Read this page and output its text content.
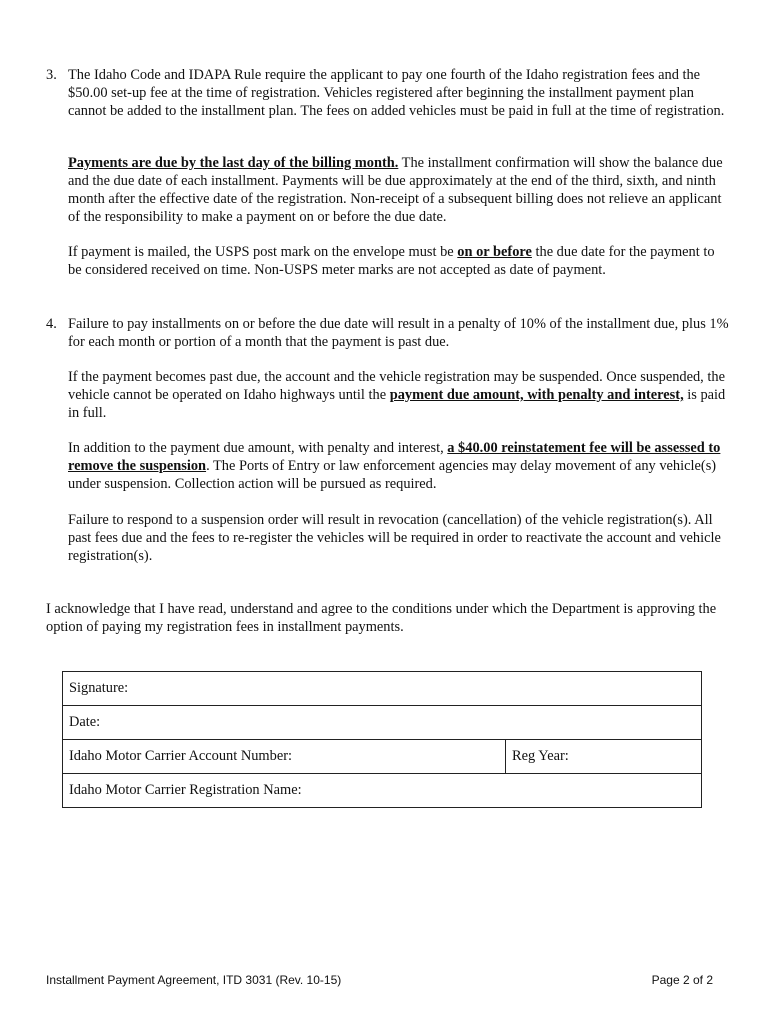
3. The Idaho Code and IDAPA Rule require the applicant to pay one fourth of the Idaho registration fees and the $50.00 set-up fee at the time of registration. Vehicles registered after beginning the installment payment plan cannot be added to the installment plan. The fees on added vehicles must be paid in full at the time of registration.

Payments are due by the last day of the billing month. The installment confirmation will show the balance due and the due date of each installment. Payments will be due approximately at the end of the third, sixth, and ninth month after the effective date of the registration. Non-receipt of a subsequent billing does not relieve an applicant of the responsibility to make a payment on or before the due date.

If payment is mailed, the USPS post mark on the envelope must be on or before the due date for the payment to be considered received on time. Non-USPS meter marks are not accepted as date of payment.

4. Failure to pay installments on or before the due date will result in a penalty of 10% of the installment due, plus 1% for each month or portion of a month that the payment is past due.

If the payment becomes past due, the account and the vehicle registration may be suspended. Once suspended, the vehicle cannot be operated on Idaho highways until the payment due amount, with penalty and interest, is paid in full.

In addition to the payment due amount, with penalty and interest, a $40.00 reinstatement fee will be assessed to remove the suspension. The Ports of Entry or law enforcement agencies may delay movement of any vehicle(s) under suspension. Collection action will be pursued as required.

Failure to respond to a suspension order will result in revocation (cancellation) of the vehicle registration(s). All past fees due and the fees to re-register the vehicles will be required in order to reactivate the account and vehicle registration(s).

I acknowledge that I have read, understand and agree to the conditions under which the Department is approving the option of paying my registration fees in installment payments.

Signature:
Date:
Idaho Motor Carrier Account Number:	Reg Year:
Idaho Motor Carrier Registration Name:
Installment Payment Agreement, ITD 3031 (Rev. 10-15)	Page 2 of 2
